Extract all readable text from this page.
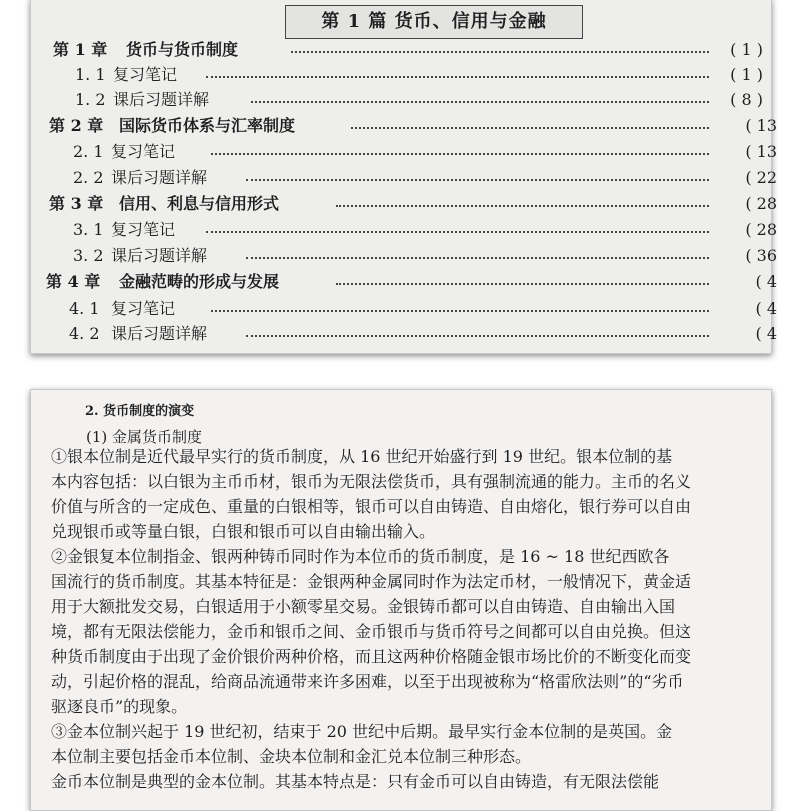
第 1 篇 货币、信用与金融
第 1 章 货币与货币制度	( 1 )
1. 1 复习笔记	( 1 )
1. 2 课后习题详解	( 8 )
第 2 章 国际货币体系与汇率制度	( 13
2. 1 复习笔记	( 13
2. 2 课后习题详解	( 22
第 3 章 信用、利息与信用形式	( 28
3. 1 复习笔记	( 28
3. 2 课后习题详解	( 36
第 4 章 金融范畴的形成与发展	( 4
4. 1 复习笔记	( 4
4. 2 课后习题详解	( 4
2. 货币制度的演变
(1) 金属货币制度

①银本位制是近代最早实行的货币制度，从 16 世纪开始盛行到 19 世纪。银本位制的基

本内容包括：以白银为主币币材，银币为无限法偿货币，具有强制流通的能力。主币的名义

价值与所含的一定成色、重量的白银相等，银币可以自由铸造、自由熔化，银行券可以自由

兑现银币或等量白银，白银和银币可以自由输出输入。

②金银复本位制指金、银两种铸币同时作为本位币的货币制度，是 16 ~ 18 世纪西欧各

国流行的货币制度。其基本特征是：金银两种金属同时作为法定币材，一般情况下，黄金适

用于大额批发交易，白银适用于小额零星交易。金银铸币都可以自由铸造、自由输出入国

境，都有无限法偿能力，金币和银币之间、金币银币与货币符号之间都可以自由兑换。但这

种货币制度由于出现了金价银价两种价格，而且这两种价格随金银市场比价的不断变化而变

动，引起价格的混乱，给商品流通带来许多困难，以至于出现被称为“格雷欣法则”的“劣币

驱逐良币”的现象。

③金本位制兴起于 19 世纪初，结束于 20 世纪中后期。最早实行金本位制的是英国。金

本位制主要包括金币本位制、金块本位制和金汇兑本位制三种形态。

金币本位制是典型的金本位制。其基本特点是：只有金币可以自由铸造，有无限法偿能
